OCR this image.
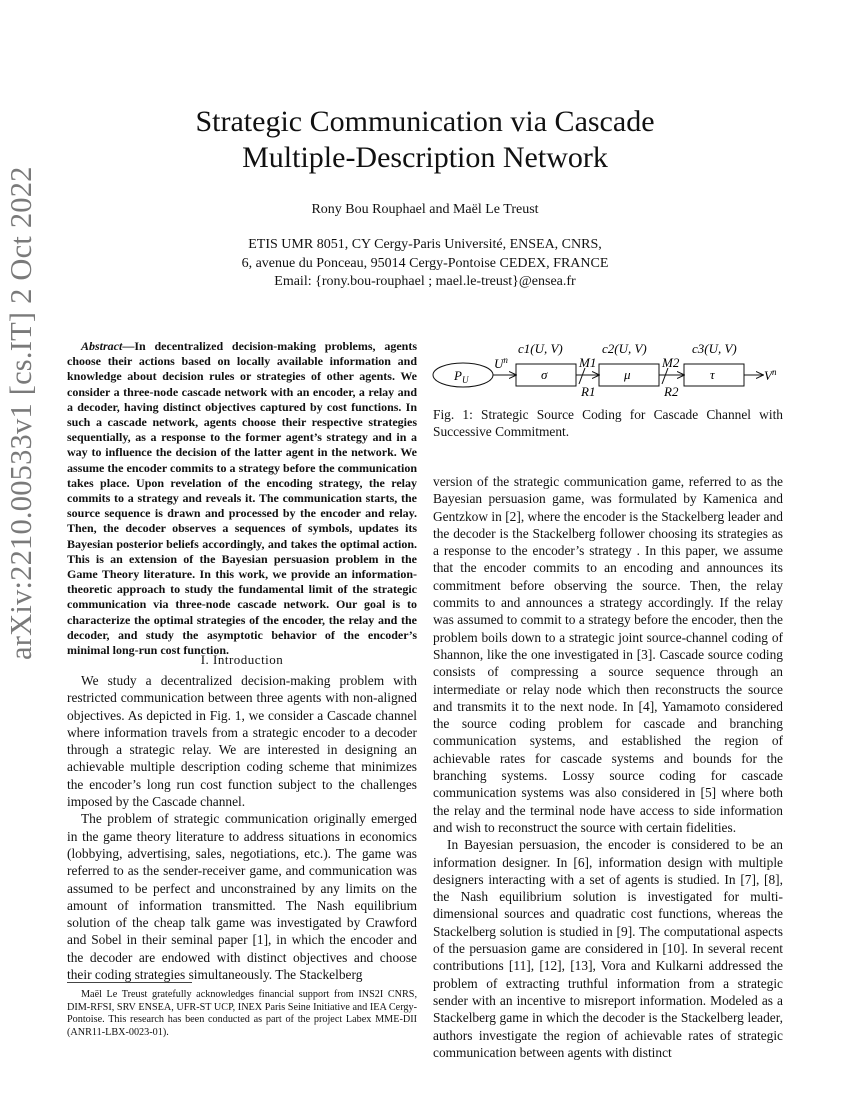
arXiv:2210.00533v1 [cs.IT] 2 Oct 2022
Strategic Communication via Cascade
Multiple-Description Network
Rony Bou Rouphael and Maël Le Treust
ETIS UMR 8051, CY Cergy-Paris Université, ENSEA, CNRS,
6, avenue du Ponceau, 95014 Cergy-Pontoise CEDEX, FRANCE
Email: {rony.bou-rouphael ; mael.le-treust}@ensea.fr

Abstract—In decentralized decision-making problems, agents choose their actions based on locally available information and knowledge about decision rules or strategies of other agents. We consider a three-node cascade network with an encoder, a relay and a decoder, having distinct objectives captured by cost functions. In such a cascade network, agents choose their respective strategies sequentially, as a response to the former agent’s strategy and in a way to influence the decision of the latter agent in the network. We assume the encoder commits to a strategy before the communication takes place. Upon revelation of the encoding strategy, the relay commits to a strategy and reveals it. The communication starts, the source sequence is drawn and processed by the encoder and relay. Then, the decoder observes a sequences of symbols, updates its Bayesian posterior beliefs accordingly, and takes the optimal action. This is an extension of the Bayesian persuasion problem in the Game Theory literature. In this work, we provide an information-theoretic approach to study the fundamental limit of the strategic communication via three-node cascade network. Our goal is to characterize the optimal strategies of the encoder, the relay and the decoder, and study the asymptotic behavior of the encoder’s minimal long-run cost function.

I. Introduction

We study a decentralized decision-making problem with restricted communication between three agents with non-aligned objectives. As depicted in Fig. 1, we consider a Cascade channel where information travels from a strategic encoder to a decoder through a strategic relay. We are interested in designing an achievable multiple description coding scheme that minimizes the encoder’s long run cost function subject to the challenges imposed by the Cascade channel.

The problem of strategic communication originally emerged in the game theory literature to address situations in economics (lobbying, advertising, sales, negotiations, etc.). The game was referred to as the sender-receiver game, and communication was assumed to be perfect and unconstrained by any limits on the amount of information transmitted. The Nash equilibrium solution of the cheap talk game was investigated by Crawford and Sobel in their seminal paper [1], in which the encoder and the decoder are endowed with distinct objectives and choose their coding strategies simultaneously. The Stackelberg

Maël Le Treust gratefully acknowledges financial support from INS2I CNRS, DIM-RFSI, SRV ENSEA, UFR-ST UCP, INEX Paris Seine Initiative and IEA Cergy-Pontoise. This research has been conducted as part of the project Labex MME-DII (ANR11-LBX-0023-01).

$P_U$
$U^n$
σ
c1(U, V)
M1
R1
μ
c2(U, V)
M2
R2
τ
c3(U, V)
$V^n$
Fig. 1: Strategic Source Coding for Cascade Channel with Successive Commitment.

version of the strategic communication game, referred to as the Bayesian persuasion game, was formulated by Kamenica and Gentzkow in [2], where the encoder is the Stackelberg leader and the decoder is the Stackelberg follower choosing its strategies as a response to the encoder’s strategy . In this paper, we assume that the encoder commits to an encoding and announces its commitment before observing the source. Then, the relay commits to and announces a strategy accordingly. If the relay was assumed to commit to a strategy before the encoder, then the problem boils down to a strategic joint source-channel coding of Shannon, like the one investigated in [3]. Cascade source coding consists of compressing a source sequence through an intermediate or relay node which then reconstructs the source and transmits it to the next node. In [4], Yamamoto considered the source coding problem for cascade and branching communication systems, and established the region of achievable rates for cascade systems and bounds for the branching systems. Lossy source coding for cascade communication systems was also considered in [5] where both the relay and the terminal node have access to side information and wish to reconstruct the source with certain fidelities.

In Bayesian persuasion, the encoder is considered to be an information designer. In [6], information design with multiple designers interacting with a set of agents is studied. In [7], [8], the Nash equilibrium solution is investigated for multi-dimensional sources and quadratic cost functions, whereas the Stackelberg solution is studied in [9]. The computational aspects of the persuasion game are considered in [10]. In several recent contributions [11], [12], [13], Vora and Kulkarni addressed the problem of extracting truthful information from a strategic sender with an incentive to misreport information. Modeled as a Stackelberg game in which the decoder is the Stackelberg leader, authors investigate the region of achievable rates of strategic communication between agents with distinct
